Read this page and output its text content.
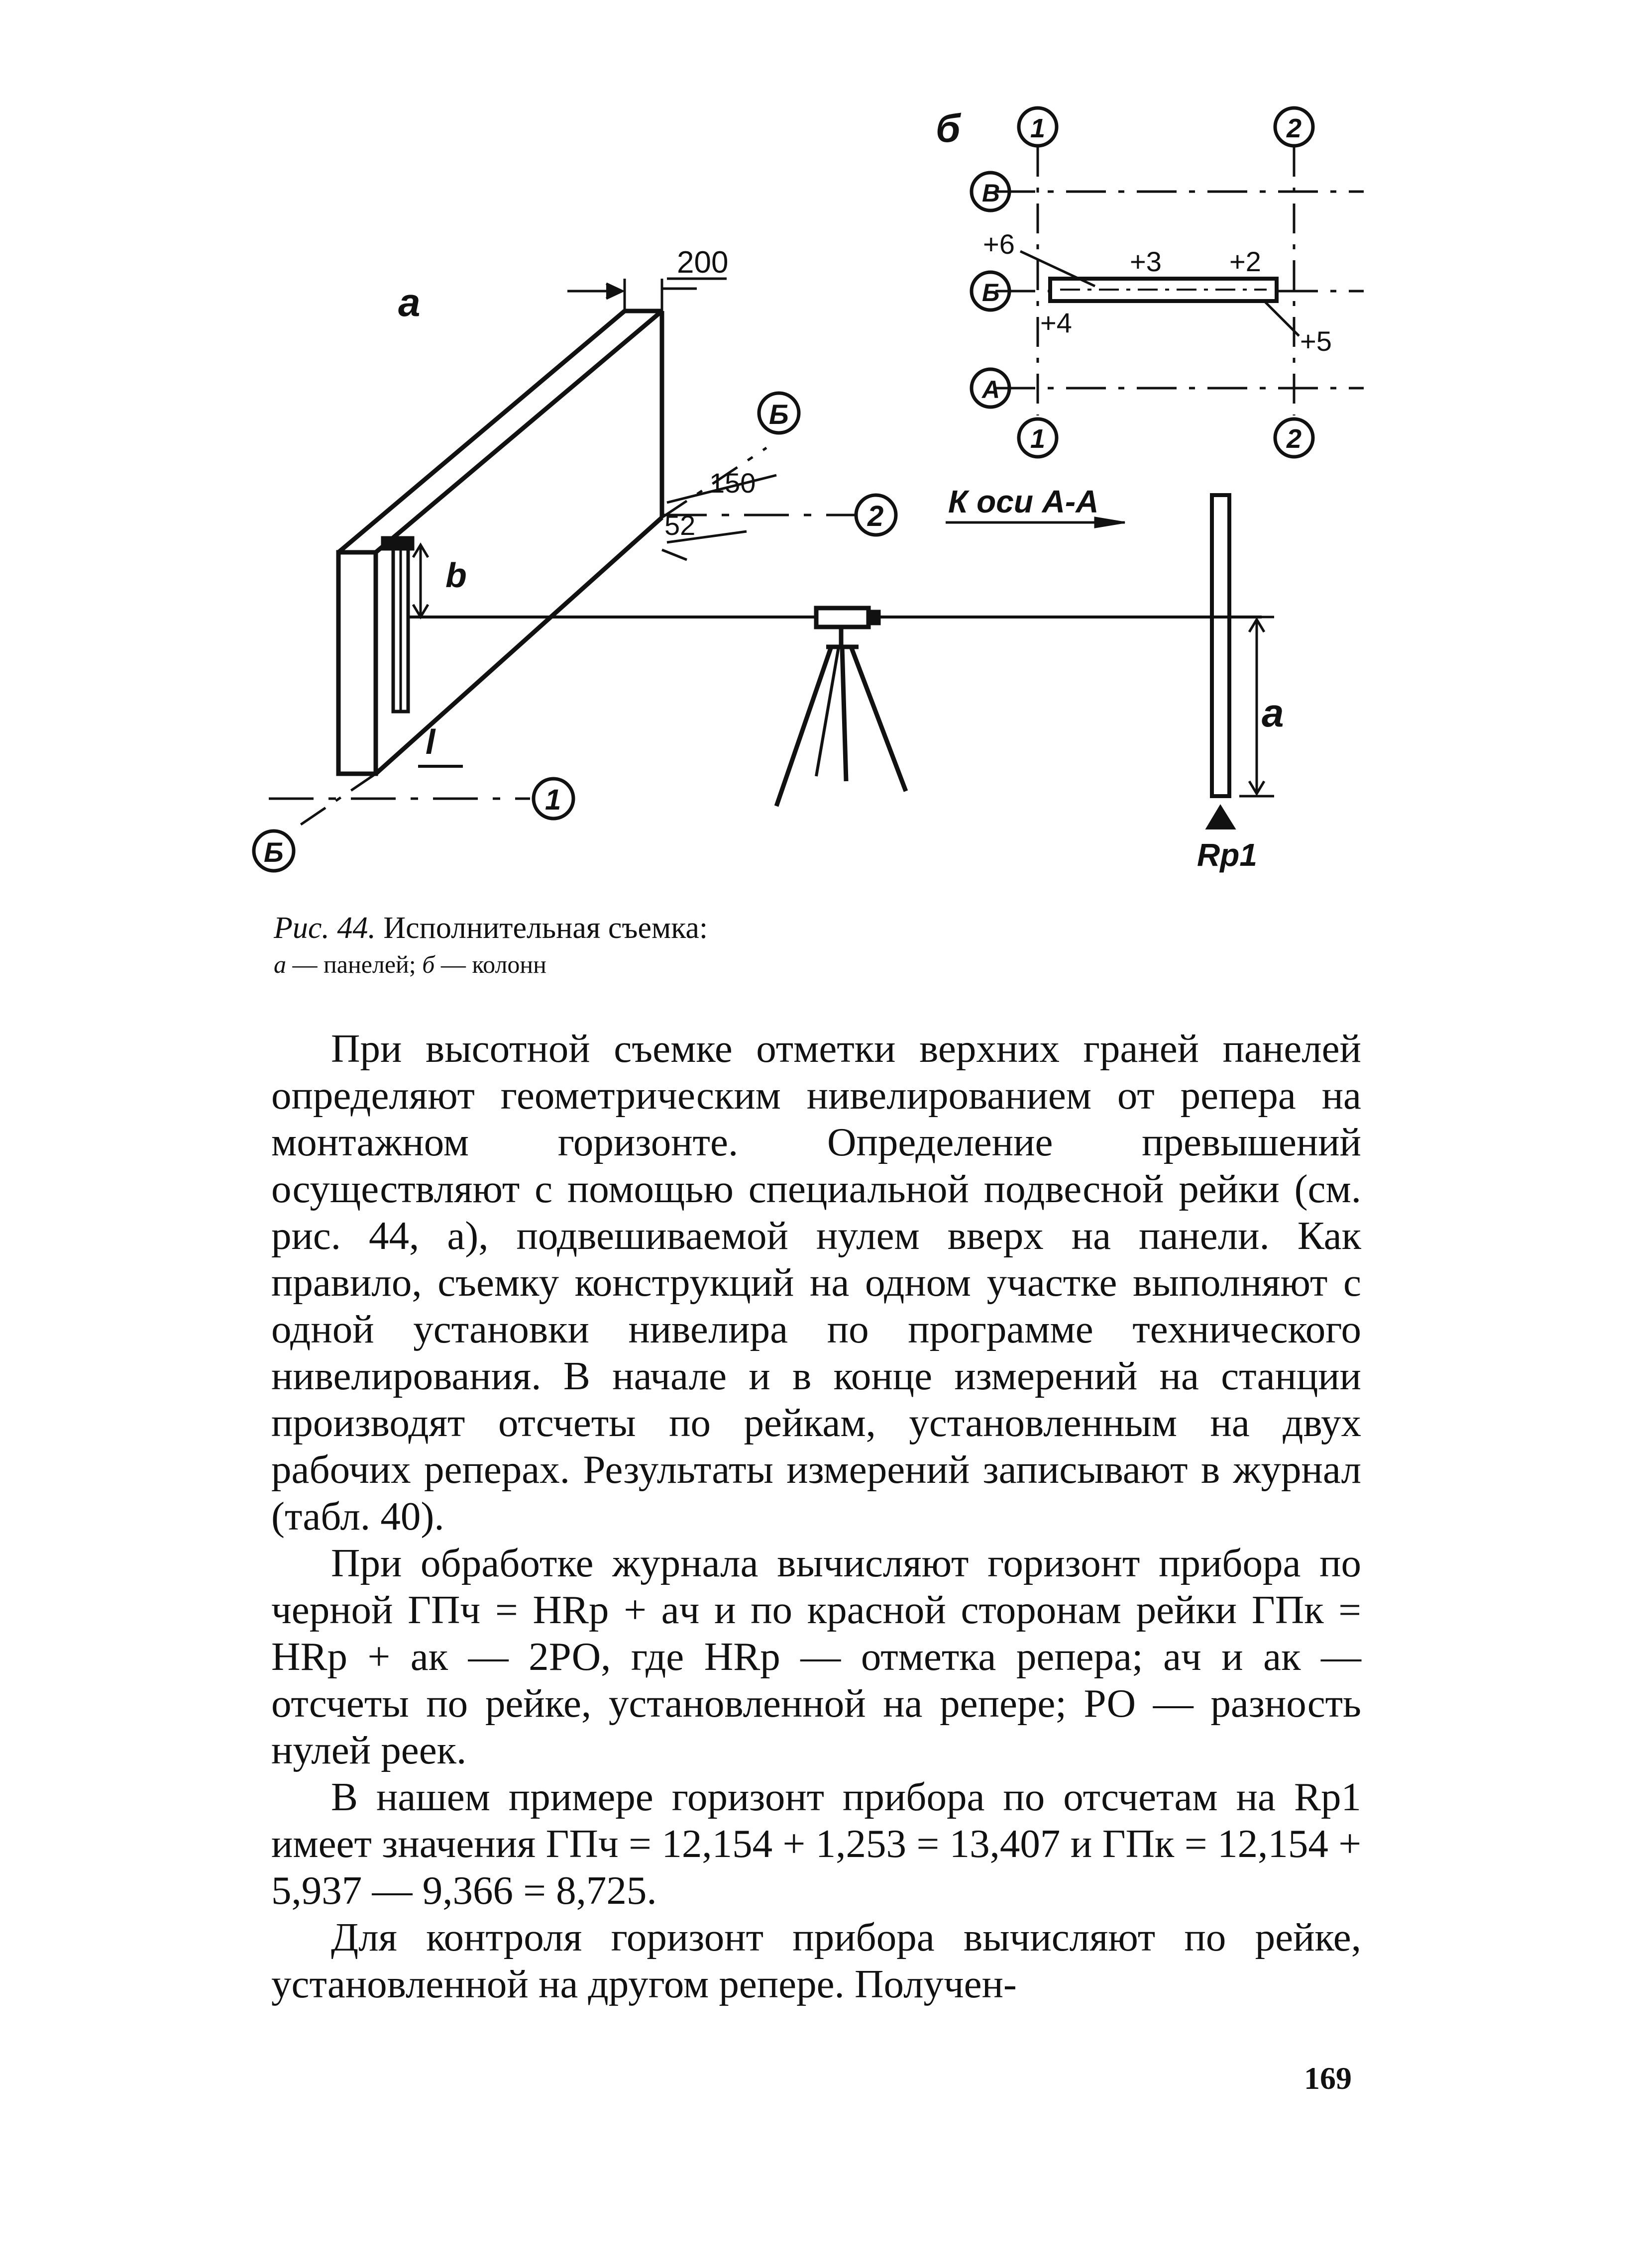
а
б
200
150
52
b
l
a
Б
Б
1
2
1	2
В
Б
А
1	2
+6
+3 +2
+4
+5
К оси А-А
Rp1
Рис. 44. Исполнительная съемка:
а — панелей; б — колонн

При высотной съемке отметки верхних граней панелей определяют геометрическим нивелированием от репера на монтажном горизонте. Определение превышений осуществляют с помощью специальной подвесной рейки (см. рис. 44, а), подвешиваемой нулем вверх на панели. Как правило, съемку конструкций на одном участке выполняют с одной установки нивелира по программе технического нивелирования. В начале и в конце измерений на станции производят отсчеты по рейкам, установленным на двух рабочих реперах. Результаты измерений записывают в журнал (табл. 40).

При обработке журнала вычисляют горизонт прибора по черной ГПч = HRp + aч и по красной сторонам рейки ГПк = HRp + aк — 2РО, где HRp — отметка репера; aч и aк — отсчеты по рейке, установленной на репере; РО — разность нулей реек.

В нашем примере горизонт прибора по отсчетам на Rp1 имеет значения ГПч = 12,154 + 1,253 = 13,407 и ГПк = 12,154 + 5,937 — 9,366 = 8,725.

Для контроля горизонт прибора вычисляют по рейке, установленной на другом репере. Получен-

169
